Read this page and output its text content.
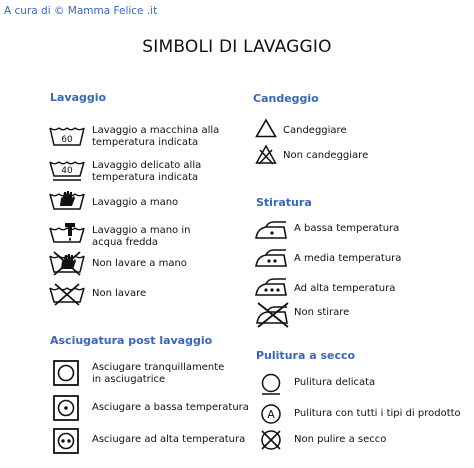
A cura di © Mamma Felice .it
SIMBOLI DI LAVAGGIO
Lavaggio
60
Lavaggio a macchina alla temperatura indicata
40 Lavaggio delicato alla temperatura indicata
Lavaggio a mano
Lavaggio a mano in acqua fredda
Non lavare a mano
Non lavare
Candeggio
Candeggiare
Non candeggiare
Stiratura
A bassa temperatura
A media temperatura
Ad alta temperatura
Non stirare
Asciugatura post lavaggio
Asciugare tranquillamente in asciugatrice
Asciugare a bassa temperatura
Asciugare ad alta temperatura
Pulitura a secco
Pulitura delicata
A Pulitura con tutti i tipi di prodotto
Non pulire a secco
